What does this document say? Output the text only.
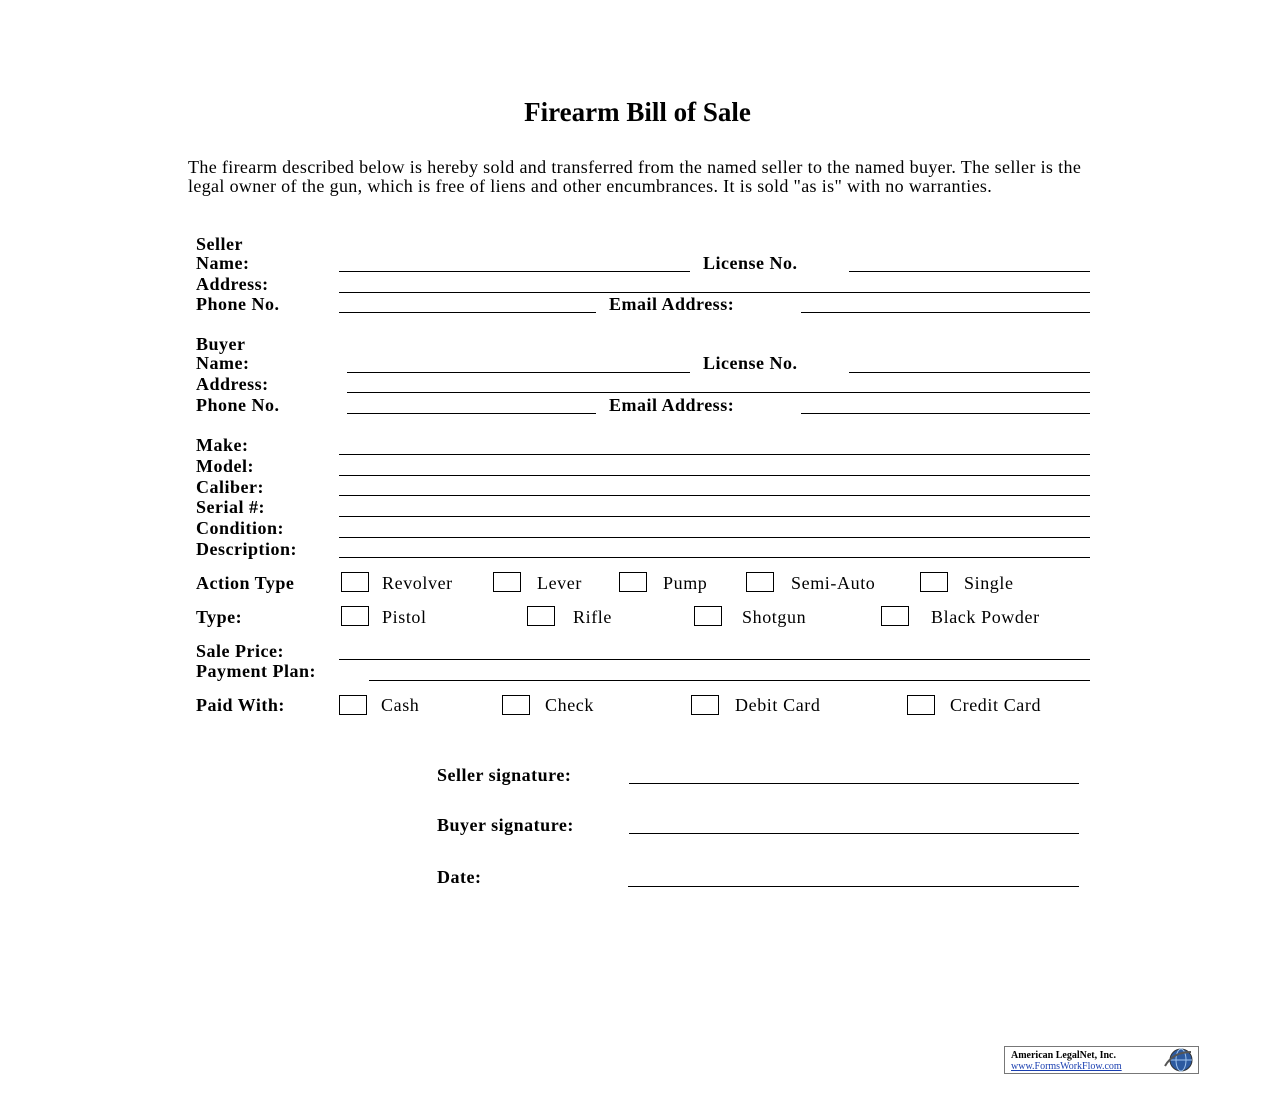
Firearm Bill of Sale
The firearm described below is hereby sold and transferred from the named seller to the named buyer. The seller is the legal owner of the gun, which is free of liens and other encumbrances. It is sold "as is" with no warranties.
Seller
Name:	License No.
Address:
Phone No.	Email Address:
Buyer
Name:	License No.
Address:
Phone No.	Email Address:
Make:
Model:
Caliber:
Serial #:
Condition:
Description:
Action Type	Revolver	Lever	Pump	Semi-Auto	Single
Type:	Pistol	Rifle	Shotgun	Black Powder
Sale Price:
Payment Plan:
Paid With:	Cash	Check	Debit Card	Credit Card
Seller signature:
Buyer signature:
Date:
American LegalNet, Inc.
www.FormsWorkFlow.com
